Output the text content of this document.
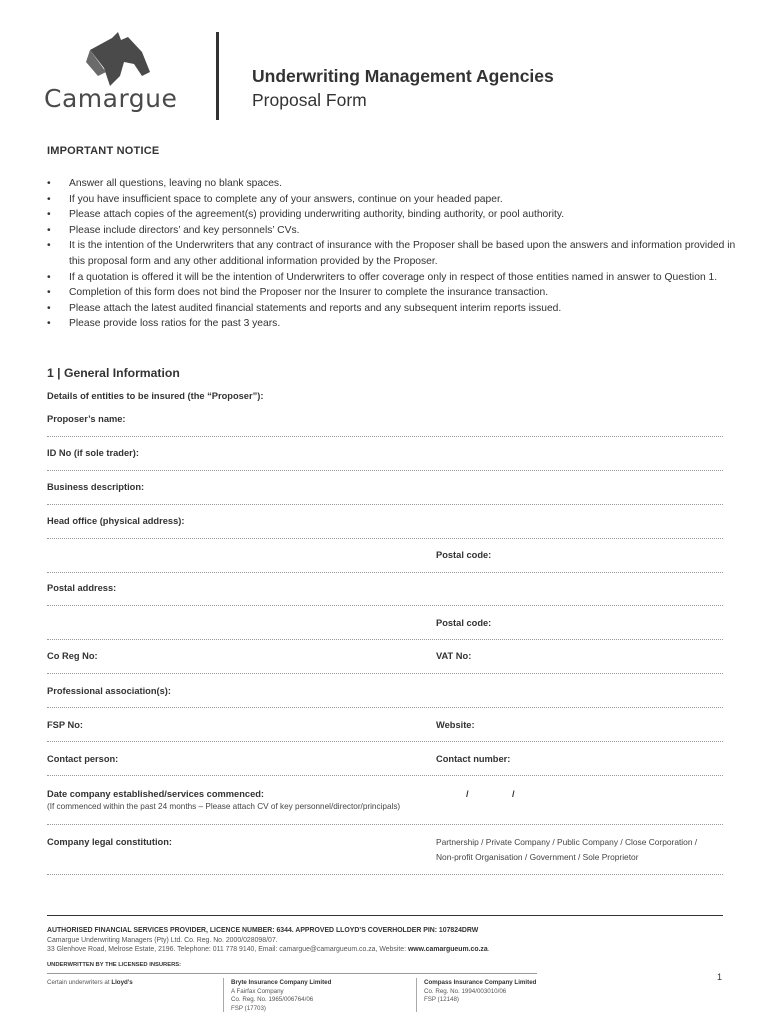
Camargue
Underwriting Management Agencies
Proposal Form
IMPORTANT NOTICE
• Answer all questions, leaving no blank spaces.
• If you have insufficient space to complete any of your answers, continue on your headed paper.
• Please attach copies of the agreement(s) providing underwriting authority, binding authority, or pool authority.
• Please include directors’ and key personnels’ CVs.
• It is the intention of the Underwriters that any contract of insurance with the Proposer shall be based upon the answers and information provided in this proposal form and any other additional information provided by the Proposer.
• If a quotation is offered it will be the intention of Underwriters to offer coverage only in respect of those entities named in answer to Question 1.
• Completion of this form does not bind the Proposer nor the Insurer to complete the insurance transaction.
• Please attach the latest audited financial statements and reports and any subsequent interim reports issued.
• Please provide loss ratios for the past 3 years.
1 | General Information
Details of entities to be insured (the “Proposer”):
Proposer’s name:
ID No (if sole trader):
Business description:
Head office (physical address):
Postal code:
Postal address:
Postal code:
Co Reg No:	VAT No:
Professional association(s):
FSP No:	Website:
Contact person:	Contact number:
Date company established/services commenced:	/	/
(If commenced within the past 24 months – Please attach CV of key personnel/director/principals)
Company legal constitution:	Partnership / Private Company / Public Company / Close Corporation /
Non-profit Organisation / Government / Sole Proprietor
AUTHORISED FINANCIAL SERVICES PROVIDER, LICENCE NUMBER: 6344. APPROVED LLOYD’S COVERHOLDER PIN: 107824DRW
Camargue Underwriting Managers (Pty) Ltd. Co. Reg. No. 2000/028098/07.
33 Glenhove Road, Melrose Estate, 2196. Telephone: 011 778 9140, Email: camargue@camargueum.co.za, Website: www.camargueum.co.za.
UNDERWRITTEN BY THE LICENSED INSURERS:
Certain underwriters at Lloyd’s	Bryte Insurance Company Limited
A Fairfax Company
Co. Reg. No. 1965/006764/06
FSP (17703)
Compass Insurance Company Limited
Co. Reg. No. 1994/003010/06
FSP (12148)
1
